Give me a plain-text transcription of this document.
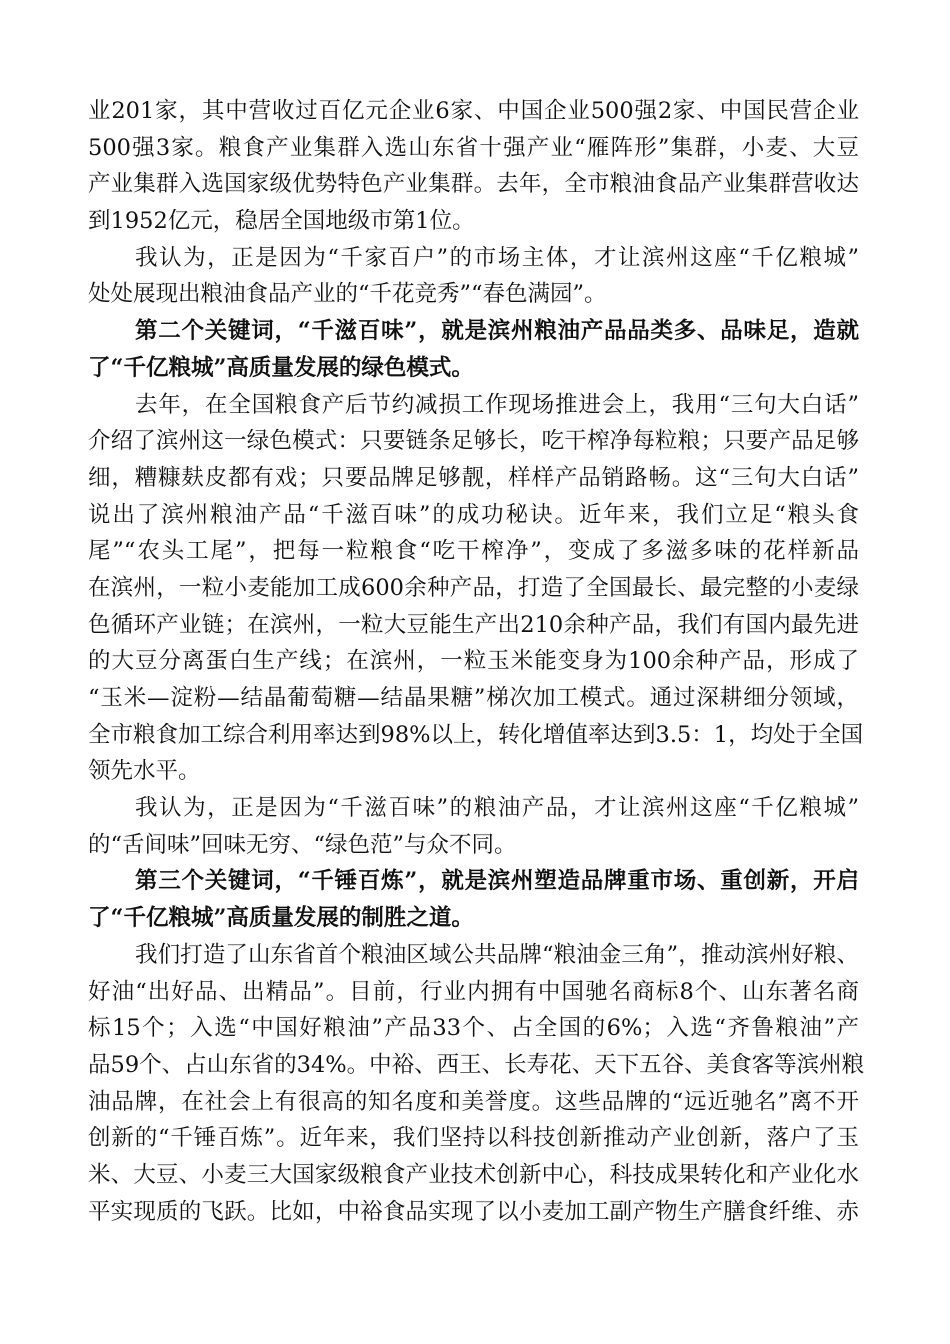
业201家，其中营收过百亿元企业6家、中国企业500强2家、中国民营企业
500强3家。粮食产业集群入选山东省十强产业“雁阵形”集群，小麦、大豆
产业集群入选国家级优势特色产业集群。去年，全市粮油食品产业集群营收达
到1952亿元，稳居全国地级市第1位。
我认为，正是因为“千家百户”的市场主体，才让滨州这座“千亿粮城”
处处展现出粮油食品产业的“千花竞秀”“春色满园”。
第二个关键词，“千滋百味”，就是滨州粮油产品品类多、品味足，造就
了“千亿粮城”高质量发展的绿色模式。
去年，在全国粮食产后节约减损工作现场推进会上，我用“三句大白话”
介绍了滨州这一绿色模式：只要链条足够长，吃干榨净每粒粮；只要产品足够
细，糟糠麸皮都有戏；只要品牌足够靓，样样产品销路畅。这“三句大白话”
说出了滨州粮油产品“千滋百味”的成功秘诀。近年来，我们立足“粮头食
尾”“农头工尾”，把每一粒粮食“吃干榨净”，变成了多滋多味的花样新品
在滨州，一粒小麦能加工成600余种产品，打造了全国最长、最完整的小麦绿
色循环产业链；在滨州，一粒大豆能生产出210余种产品，我们有国内最先进
的大豆分离蛋白生产线；在滨州，一粒玉米能变身为100余种产品，形成了
“玉米—淀粉—结晶葡萄糖—结晶果糖”梯次加工模式。通过深耕细分领域，
全市粮食加工综合利用率达到98%以上，转化增值率达到3.5：1，均处于全国
领先水平。
我认为，正是因为“千滋百味”的粮油产品，才让滨州这座“千亿粮城”
的“舌间味”回味无穷、“绿色范”与众不同。
第三个关键词，“千锤百炼”，就是滨州塑造品牌重市场、重创新，开启
了“千亿粮城”高质量发展的制胜之道。
我们打造了山东省首个粮油区域公共品牌“粮油金三角”，推动滨州好粮、
好油“出好品、出精品”。目前，行业内拥有中国驰名商标8个、山东著名商
标15个；入选“中国好粮油”产品33个、占全国的6%；入选“齐鲁粮油”产
品59个、占山东省的34%。中裕、西王、长寿花、天下五谷、美食客等滨州粮
油品牌，在社会上有很高的知名度和美誉度。这些品牌的“远近驰名”离不开
创新的“千锤百炼”。近年来，我们坚持以科技创新推动产业创新，落户了玉
米、大豆、小麦三大国家级粮食产业技术创新中心，科技成果转化和产业化水
平实现质的飞跃。比如，中裕食品实现了以小麦加工副产物生产膳食纤维、赤
